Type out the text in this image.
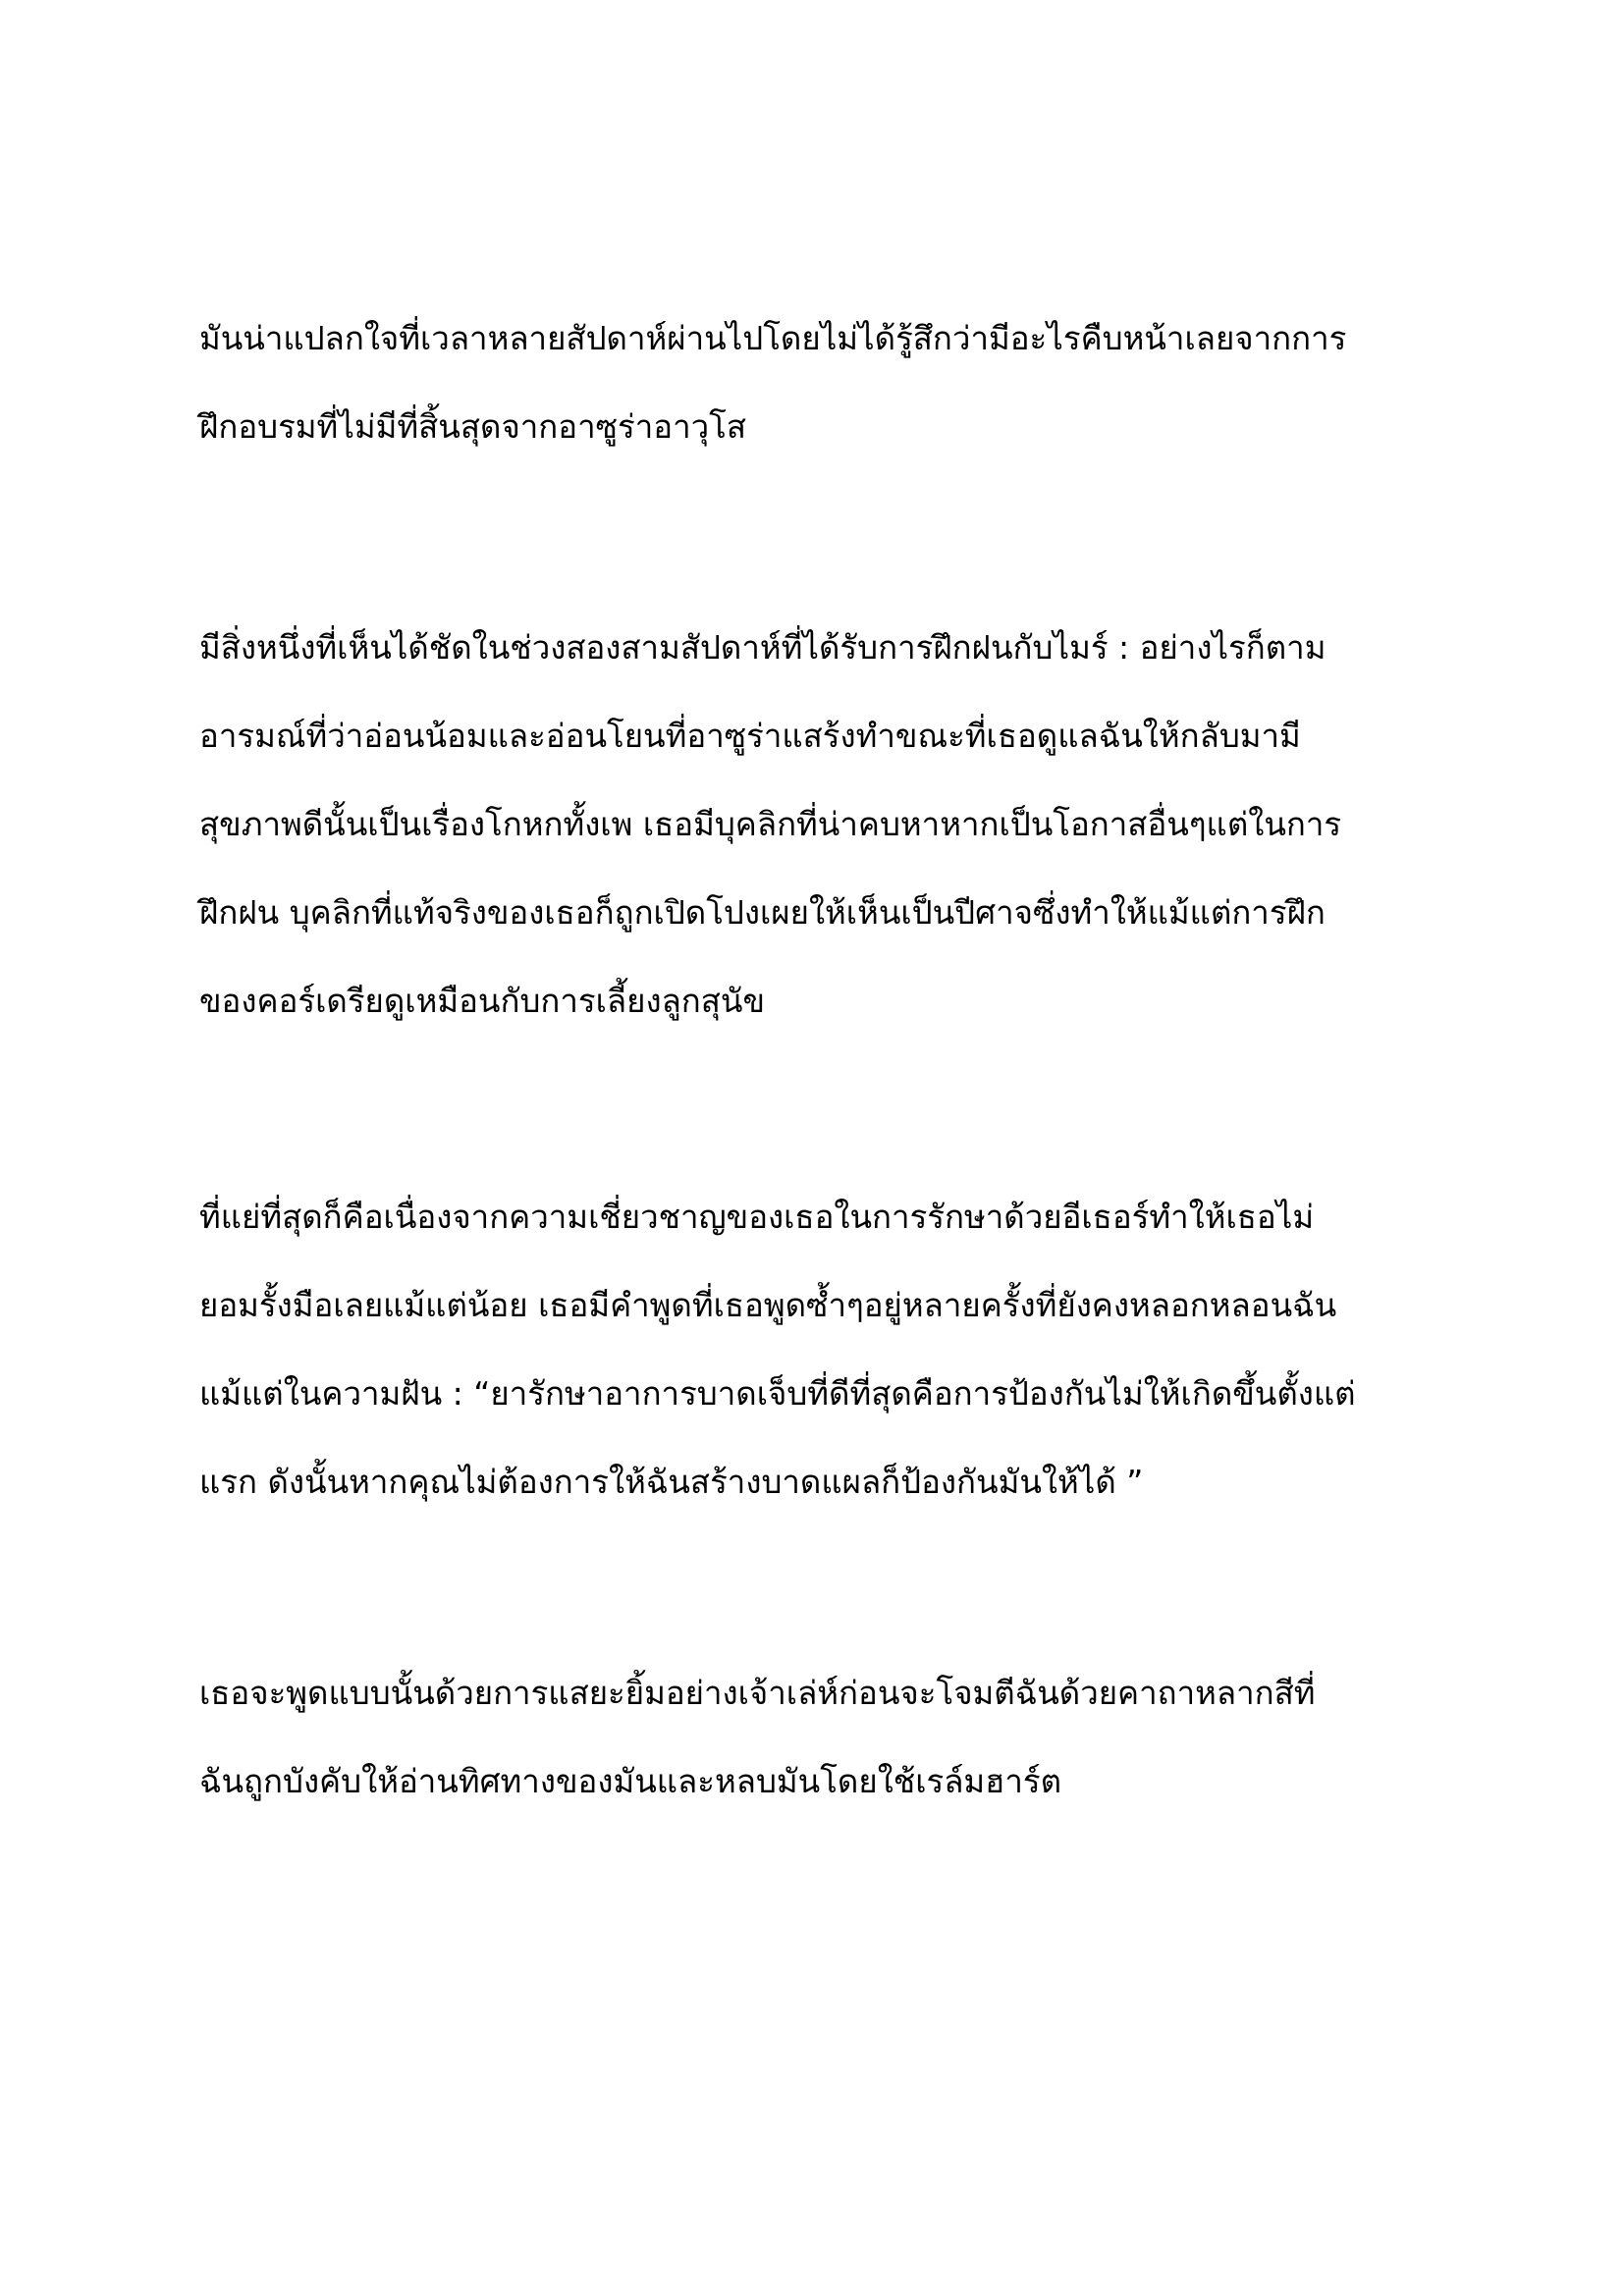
มันน่าแปลกใจที่เวลาหลายสัปดาห์ผ่านไปโดยไม่ได้รู้สึกว่ามีอะไรคืบหน้าเลยจากการ
ฝึกอบรมที่ไม่มีที่สิ้นสุดจากอาซูร่าอาวุโส
มีสิ่งหนึ่งที่เห็นได้ชัดในช่วงสองสามสัปดาห์ที่ได้รับการฝึกฝนกับไมร์ : อย่างไรก็ตาม
อารมณ์ที่ว่าอ่อนน้อมและอ่อนโยนที่อาซูร่าแสร้งทำขณะที่เธอดูแลฉันให้กลับมามี
สุขภาพดีนั้นเป็นเรื่องโกหกทั้งเพ เธอมีบุคลิกที่น่าคบหาหากเป็นโอกาสอื่นๆแต่ในการ
ฝึกฝน บุคลิกที่แท้จริงของเธอก็ถูกเปิดโปงเผยให้เห็นเป็นปีศาจซึ่งทำให้แม้แต่การฝึก
ของคอร์เดรียดูเหมือนกับการเลี้ยงลูกสุนัข
ที่แย่ที่สุดก็คือเนื่องจากความเชี่ยวชาญของเธอในการรักษาด้วยอีเธอร์ทำให้เธอไม่
ยอมรั้งมือเลยแม้แต่น้อย เธอมีคำพูดที่เธอพูดซ้ำๆอยู่หลายครั้งที่ยังคงหลอกหลอนฉัน
แม้แต่ในความฝัน : “ยารักษาอาการบาดเจ็บที่ดีที่สุดคือการป้องกันไม่ให้เกิดขึ้นตั้งแต่
แรก ดังนั้นหากคุณไม่ต้องการให้ฉันสร้างบาดแผลก็ป้องกันมันให้ได้ ”
เธอจะพูดแบบนั้นด้วยการแสยะยิ้มอย่างเจ้าเล่ห์ก่อนจะโจมตีฉันด้วยคาถาหลากสีที่
ฉันถูกบังคับให้อ่านทิศทางของมันและหลบมันโดยใช้เรล์มฮาร์ต
